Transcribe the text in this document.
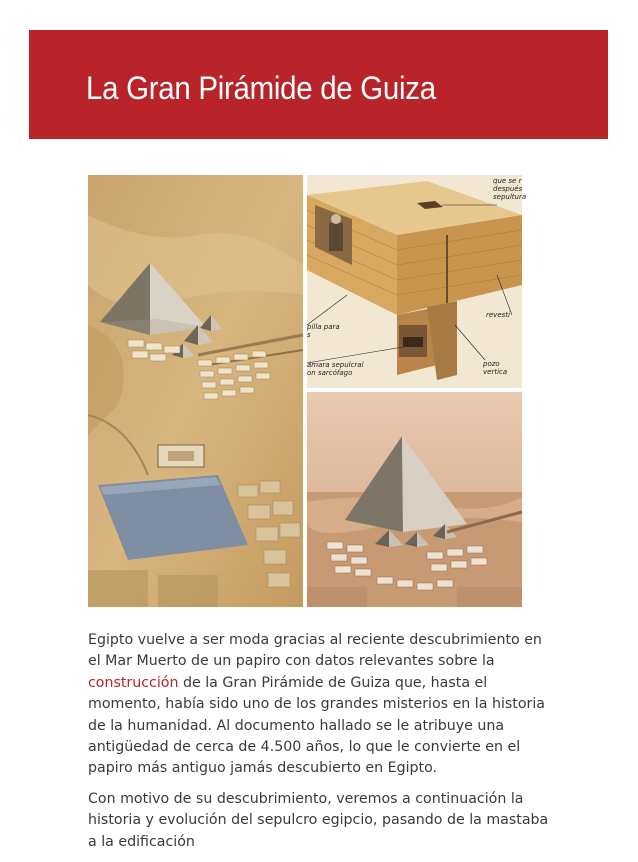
La Gran Pirámide de Guiza
que se r
después
sepultura
revesti
pilla para
s
ámara sepulcral
on sarcófago
pozo vertica

Egipto vuelve a ser moda gracias al reciente descubrimiento en el Mar Muerto de un papiro con datos relevantes sobre la construcción de la Gran Pirámide de Guiza que, hasta el momento, había sido uno de los grandes misterios en la historia de la humanidad. Al documento hallado se le atribuye una antigüedad de cerca de 4.500 años, lo que le convierte en el papiro más antiguo jamás descubierto en Egipto.

Con motivo de su descubrimiento, veremos a continuación la historia y evolución del sepulcro egipcio, pasando de la mastaba a la edificación
